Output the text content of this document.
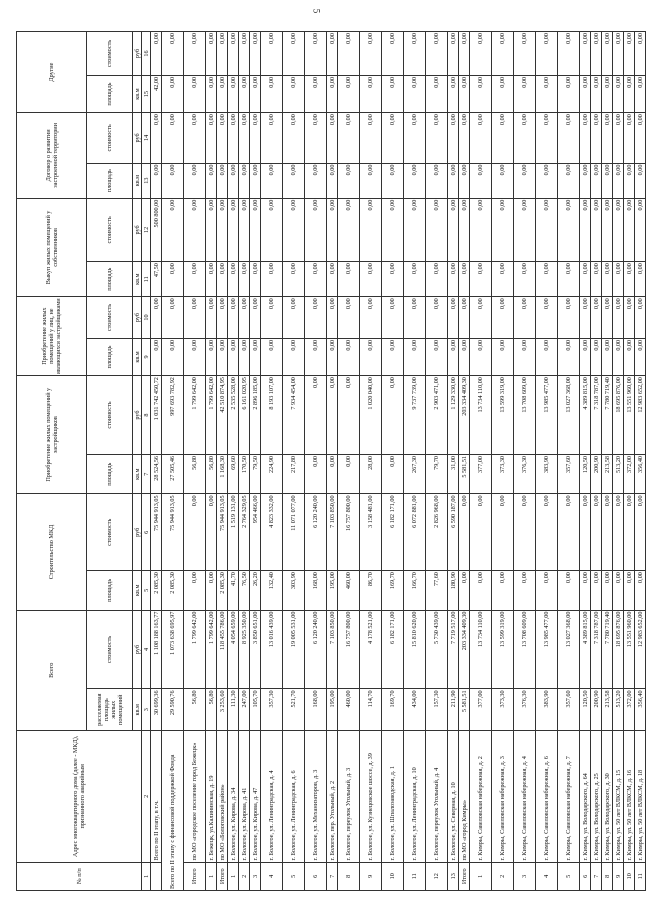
5
№ п/п	Адрес многоквартирного дома (далее - МКД), признанного аварийным	Всего		Строительство МКД		Приобретение жилых помещений у застройщиков		Приобретение жилых помещений у лиц, не являющихся застройщиками		Выкуп жилых помещений у собственников		Договор о развитии застроенной территории		Другие	
		расселяемая площадь жилых помещений	стоимость	площадь	стоимость	площадь	стоимость	площадь	стоимость	площадь	стоимость	площадь	стоимость	площадь	стоимость
		кв.м	руб	кв.м	руб	кв.м	руб	кв.м	руб	кв.м	руб	кв.м	руб	кв.м	руб
1	2	3	4	5	6	7	8	9	10	11	12	13	14	15	16
	Всего по II этапу, в т.ч.	30 699,36	1 108 188 163,77	2 085,30	75 944 913,05	28 524,56	1 031 742 450,72	0,00	0,00	47,50	500 800,00	0,00	0,00	42,00	0,00
Всего по II этапу с финансовой поддержкой Фонда		29 590,76	1 073 638 695,97	2 085,30	75 944 913,05	27 505,46	997 693 782,92	0,00	0,00	0,00	0,00	0,00	0,00	0,00	0,00
Итого	по МО «городское поселение город Бежецк»	56,80	1 799 642,00	0,00	0,00	56,80	1 799 642,00	0,00	0,00	0,00	0,00	0,00	0,00	0,00	0,00
1	г. Бежецк, ул.Калининская, д. 19	56,80	1 799 642,00	0,00	0,00	56,80	1 799 642,00	0,00	0,00	0,00	0,00	0,00	0,00	0,00	0,00
Итого	по МО «Бологовский район»	3 253,60	118 455 786,00	2 085,30	75 944 913,05	1 168,30	42 510 874,95	0,00	0,00	0,00	0,00	0,00	0,00	0,00	0,00
1	г. Бологое, ул. Кирова, д. 34	111,30	4 054 659,00	41,70	1 519 131,00	69,60	2 535 528,00	0,00	0,00	0,00	0,00	0,00	0,00	0,00	0,00
2	г. Бологое, ул. Кирова, д. 41	247,00	8 925 350,00	76,50	2 764 329,05	170,50	6 161 020,95	0,00	0,00	0,00	0,00	0,00	0,00	0,00	0,00
3	г. Бологое, ул. Кирова, д. 47	105,70	3 850 651,00	26,20	954 466,00	79,50	2 896 185,00	0,00	0,00	0,00	0,00	0,00	0,00	0,00	0,00
4	г. Бологое, ул. Ленинградская, д. 4	357,30	13 016 439,00	132,40	4 823 332,00	224,90	8 193 107,00	0,00	0,00	0,00	0,00	0,00	0,00	0,00	0,00
5	г. Бологое, ул. Ленинградская, д. 6	521,70	19 005 531,00	303,90	11 071 077,00	217,80	7 934 454,00	0,00	0,00	0,00	0,00	0,00	0,00	0,00	0,00
6	г. Бологое, ул. Механизаторов, д. 3	168,00	6 120 240,00	168,00	6 120 240,00	0,00	0,00	0,00	0,00	0,00	0,00	0,00	0,00	0,00	0,00
7	г. Бологое, пер. Угольный, д. 2	195,00	7 103 850,00	195,00	7 103 850,00	0,00	0,00	0,00	0,00	0,00	0,00	0,00	0,00	0,00	0,00
8	г. Бологое, переулок Угольный, д. 3	460,00	16 757 800,00	460,00	16 757 800,00	0,00	0,00	0,00	0,00	0,00	0,00	0,00	0,00	0,00	0,00
9	г. Бологое, ул. Кузнецовское шоссе, д. 39	114,70	4 178 521,00	86,70	3 158 481,00	28,00	1 020 040,00	0,00	0,00	0,00	0,00	0,00	0,00	0,00	0,00
10	г. Бологое, ул. Шпалозаводская, д. 1	169,70	6 182 171,00	169,70	6 182 171,00	0,00	0,00	0,00	0,00	0,00	0,00	0,00	0,00	0,00	0,00
11	г. Бологое, ул. Ленинградская, д. 10	434,00	15 810 620,00	166,70	6 072 881,00	267,30	9 737 739,00	0,00	0,00	0,00	0,00	0,00	0,00	0,00	0,00
12	г. Бологое, переулок Угольный, д. 4	157,30	5 730 439,00	77,60	2 826 968,00	79,70	2 903 471,00	0,00	0,00	0,00	0,00	0,00	0,00	0,00	0,00
13	г. Бологое, ул. Северная, д. 10	211,90	7 719 517,00	180,90	6 590 187,00	31,00	1 129 330,00	0,00	0,00	0,00	0,00	0,00	0,00	0,00	0,00
Итого	по МО «город Кимры»	5 581,51	203 334 409,30	0,00	0,00	5 581,51	203 334 409,30	0,00	0,00	0,00	0,00	0,00	0,00	0,00	0,00
1	г. Кимры, Савеловская набережная, д. 2	377,00	13 734 110,00	0,00	0,00	377,00	13 734 110,00	0,00	0,00	0,00	0,00	0,00	0,00	0,00	0,00
2	г. Кимры, Савеловская набережная, д. 3	373,30	13 599 319,00	0,00	0,00	373,30	13 599 319,00	0,00	0,00	0,00	0,00	0,00	0,00	0,00	0,00
3	г. Кимры, Савеловская набережная, д. 4	376,30	13 708 609,00	0,00	0,00	376,30	13 708 609,00	0,00	0,00	0,00	0,00	0,00	0,00	0,00	0,00
4	г. Кимры, Савеловская набережная, д. 6	383,90	13 985 477,00	0,00	0,00	383,90	13 985 477,00	0,00	0,00	0,00	0,00	0,00	0,00	0,00	0,00
5	г. Кимры, Савеловская набережная, д. 7	357,60	13 027 368,00	0,00	0,00	357,60	13 027 368,00	0,00	0,00	0,00	0,00	0,00	0,00	0,00	0,00
6	г. Кимры, ул. Володарского, д. 64	120,50	4 389 815,00	0,00	0,00	120,50	4 389 815,00	0,00	0,00	0,00	0,00	0,00	0,00	0,00	0,00
7	г. Кимры, ул. Володарского, д. 25	200,90	7 318 787,00	0,00	0,00	200,90	7 318 787,00	0,00	0,00	0,00	0,00	0,00	0,00	0,00	0,00
8	г. Кимры, ул. Володарского, д. 30	213,58	7 780 719,40	0,00	0,00	213,58	7 780 719,40	0,00	0,00	0,00	0,00	0,00	0,00	0,00	0,00
9	г. Кимры, ул. 50 лет ВЛКСМ, д. 15	513,20	18 695 876,00	0,00	0,00	513,20	18 695 876,00	0,00	0,00	0,00	0,00	0,00	0,00	0,00	0,00
10	г. Кимры, ул. 50 лет ВЛКСМ, д. 16	372,00	13 551 960,00	0,00	0,00	372,00	13 551 960,00	0,00	0,00	0,00	0,00	0,00	0,00	0,00	0,00
11	г. Кимры, ул. 50 лет ВЛКСМ, д. 18	356,40	12 983 652,00	0,00	0,00	356,40	12 983 652,00	0,00	0,00	0,00	0,00	0,00	0,00	0,00	0,00
